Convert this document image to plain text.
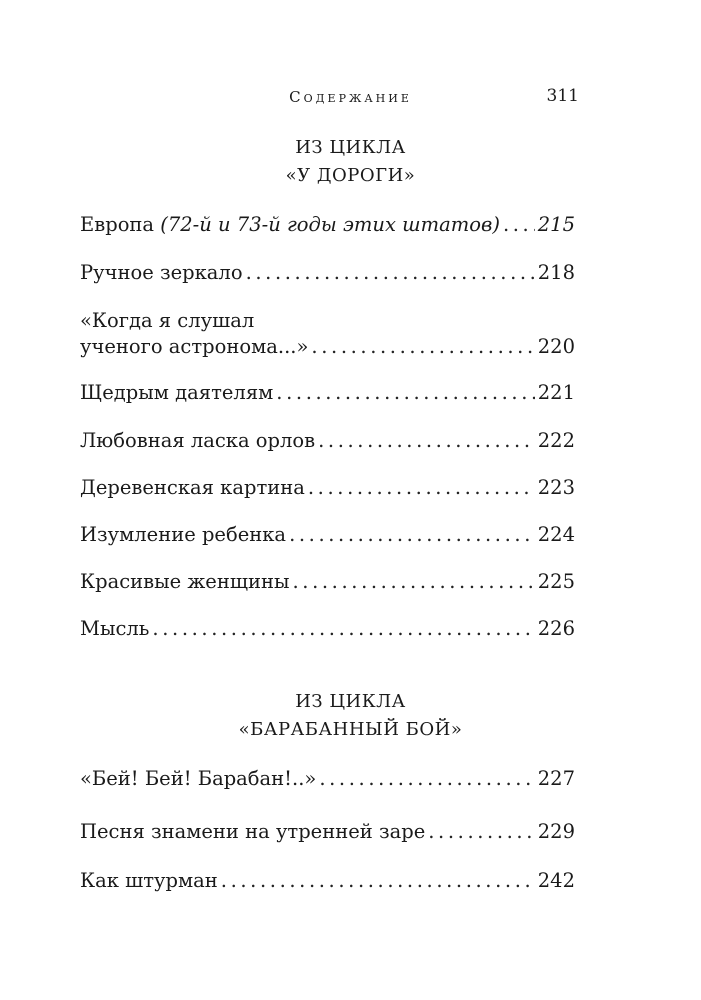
Содержание	311
ИЗ ЦИКЛА
«У ДОРОГИ»
Европа (72-й и 73-й годы этих штатов) . . . 215
Ручное зеркало . . .	218
«Когда я слушал
ученого астронома...» . . .	220
Щедрым даятелям . . .	221
Любовная ласка орлов . . .	222
Деревенская картина . . .	223
Изумление ребенка . . .	224
Красивые женщины . . .	225
Мысль . . .	226
«Бей! Бей! Барабан!..» . . .	227
Песня знамени на утренней заре . . .	229
Как штурман . . .	242
ИЗ ЦИКЛА
«БАРАБАННЫЙ БОЙ»
